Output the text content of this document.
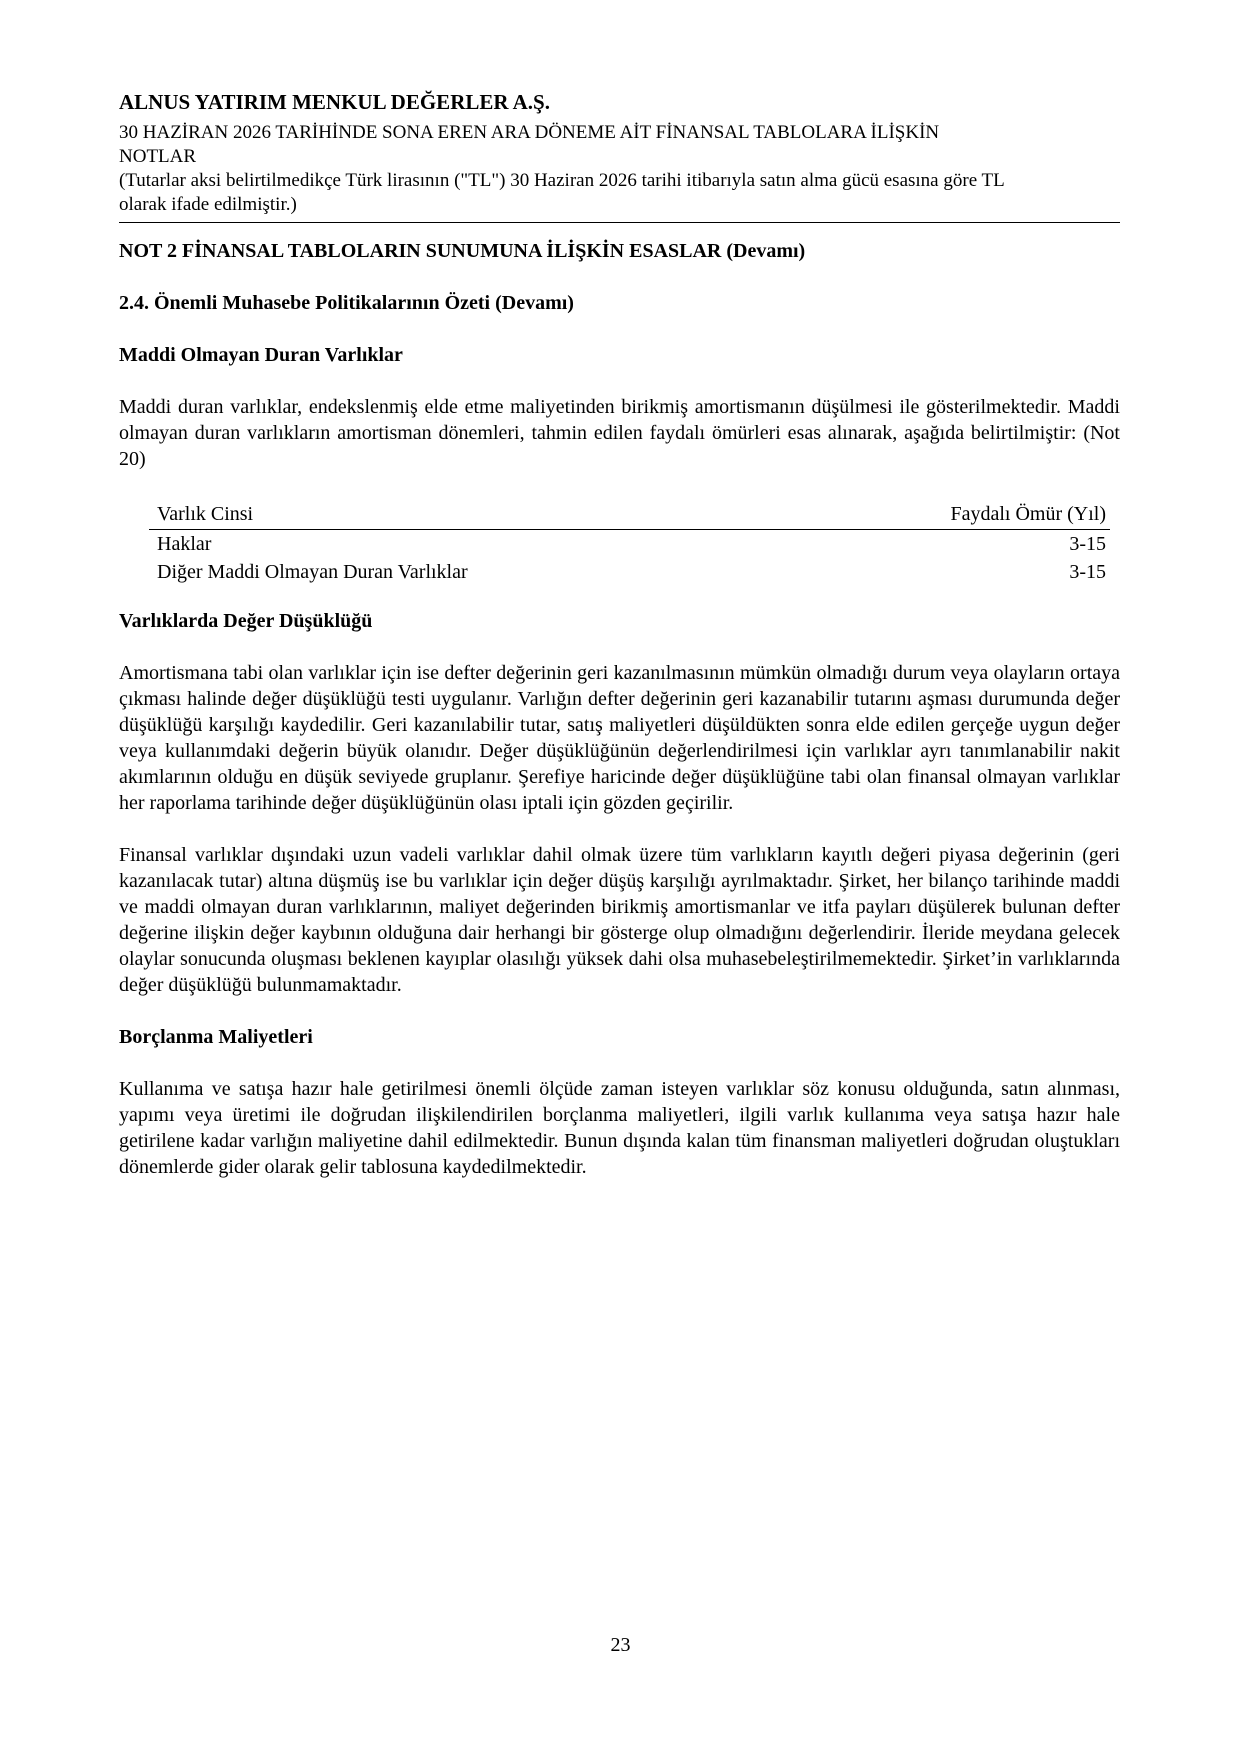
ALNUS YATIRIM MENKUL DEĞERLER A.Ş.
30 HAZİRAN 2026 TARİHİNDE SONA EREN ARA DÖNEME AİT FİNANSAL TABLOLARA İLİŞKİN
NOTLAR
(Tutarlar aksi belirtilmedikçe Türk lirasının ("TL") 30 Haziran 2026 tarihi itibarıyla satın alma gücü esasına göre TL
olarak ifade edilmiştir.)

NOT 2 FİNANSAL TABLOLARIN SUNUMUNA İLİŞKİN ESASLAR (Devamı)

2.4. Önemli Muhasebe Politikalarının Özeti (Devamı)

Maddi Olmayan Duran Varlıklar

Maddi duran varlıklar, endekslenmiş elde etme maliyetinden birikmiş amortismanın düşülmesi ile gösterilmektedir. Maddi olmayan duran varlıkların amortisman dönemleri, tahmin edilen faydalı ömürleri esas alınarak, aşağıda belirtilmiştir: (Not 20)

Varlık Cinsi	Faydalı Ömür (Yıl)
Haklar	3-15
Diğer Maddi Olmayan Duran Varlıklar	3-15

Varlıklarda Değer Düşüklüğü

Amortismana tabi olan varlıklar için ise defter değerinin geri kazanılmasının mümkün olmadığı durum veya olayların ortaya çıkması halinde değer düşüklüğü testi uygulanır. Varlığın defter değerinin geri kazanabilir tutarını aşması durumunda değer düşüklüğü karşılığı kaydedilir. Geri kazanılabilir tutar, satış maliyetleri düşüldükten sonra elde edilen gerçeğe uygun değer veya kullanımdaki değerin büyük olanıdır. Değer düşüklüğünün değerlendirilmesi için varlıklar ayrı tanımlanabilir nakit akımlarının olduğu en düşük seviyede gruplanır. Şerefiye haricinde değer düşüklüğüne tabi olan finansal olmayan varlıklar her raporlama tarihinde değer düşüklüğünün olası iptali için gözden geçirilir.

Finansal varlıklar dışındaki uzun vadeli varlıklar dahil olmak üzere tüm varlıkların kayıtlı değeri piyasa değerinin (geri kazanılacak tutar) altına düşmüş ise bu varlıklar için değer düşüş karşılığı ayrılmaktadır. Şirket, her bilanço tarihinde maddi ve maddi olmayan duran varlıklarının, maliyet değerinden birikmiş amortismanlar ve itfa payları düşülerek bulunan defter değerine ilişkin değer kaybının olduğuna dair herhangi bir gösterge olup olmadığını değerlendirir. İleride meydana gelecek olaylar sonucunda oluşması beklenen kayıplar olasılığı yüksek dahi olsa muhasebeleştirilmemektedir. Şirket’in varlıklarında değer düşüklüğü bulunmamaktadır.

Borçlanma Maliyetleri

Kullanıma ve satışa hazır hale getirilmesi önemli ölçüde zaman isteyen varlıklar söz konusu olduğunda, satın alınması, yapımı veya üretimi ile doğrudan ilişkilendirilen borçlanma maliyetleri, ilgili varlık kullanıma veya satışa hazır hale getirilene kadar varlığın maliyetine dahil edilmektedir. Bunun dışında kalan tüm finansman maliyetleri doğrudan oluştukları dönemlerde gider olarak gelir tablosuna kaydedilmektedir.

23
